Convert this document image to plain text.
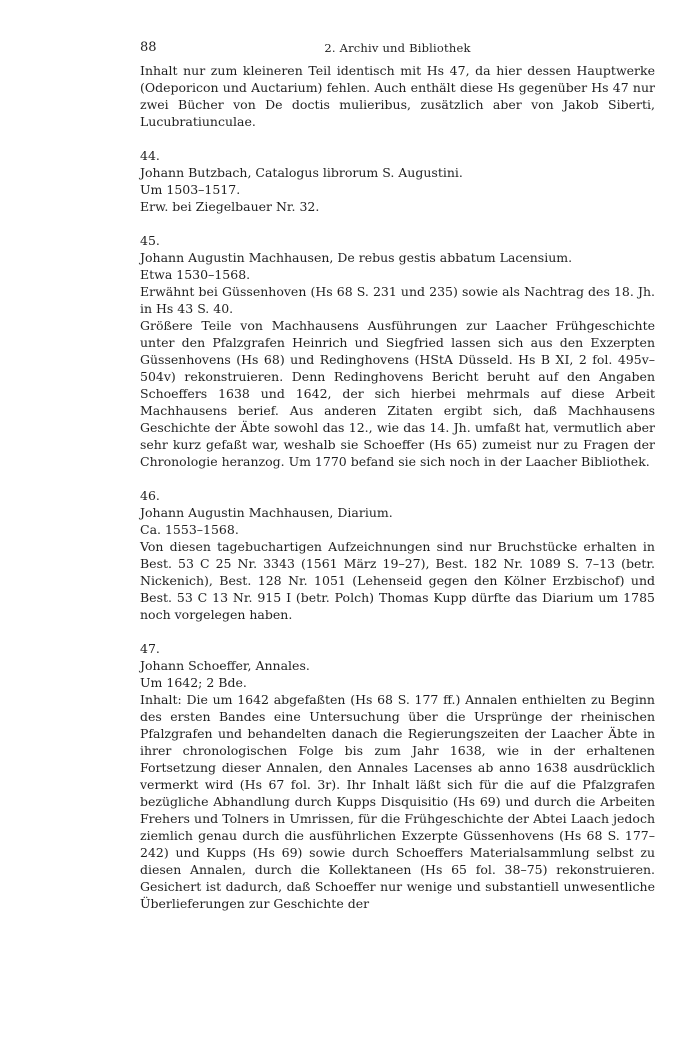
88	2. Archiv und Bibliothek

Inhalt nur zum kleineren Teil identisch mit Hs 47, da hier dessen Hauptwerke (Odeporicon und Auctarium) fehlen. Auch enthält diese Hs gegenüber Hs 47 nur zwei Bücher von De doctis mulieribus, zusätzlich aber von Jakob Siberti, Lucubratiunculae.

44.
Johann Butzbach, Catalogus librorum S. Augustini.
Um 1503–1517.

Erw. bei Ziegelbauer Nr. 32.

45.
Johann Augustin Machhausen, De rebus gestis abbatum Lacensium.
Etwa 1530–1568.

Erwähnt bei Güssenhoven (Hs 68 S. 231 und 235) sowie als Nachtrag des 18. Jh. in Hs 43 S. 40.

Größere Teile von Machhausens Ausführungen zur Laacher Frühgeschichte unter den Pfalzgrafen Heinrich und Siegfried lassen sich aus den Exzerpten Güssenhovens (Hs 68) und Redinghovens (HStA Düsseld. Hs B XI, 2 fol. 495v–504v) rekonstruieren. Denn Redinghovens Bericht beruht auf den Angaben Schoeffers 1638 und 1642, der sich hierbei mehrmals auf diese Arbeit Machhausens berief. Aus anderen Zitaten ergibt sich, daß Machhausens Geschichte der Äbte sowohl das 12., wie das 14. Jh. umfaßt hat, vermutlich aber sehr kurz gefaßt war, weshalb sie Schoeffer (Hs 65) zumeist nur zu Fragen der Chronologie heranzog. Um 1770 befand sie sich noch in der Laacher Bibliothek.

46.
Johann Augustin Machhausen, Diarium.
Ca. 1553–1568.

Von diesen tagebuchartigen Aufzeichnungen sind nur Bruchstücke erhalten in Best. 53 C 25 Nr. 3343 (1561 März 19–27), Best. 182 Nr. 1089 S. 7–13 (betr. Nickenich), Best. 128 Nr. 1051 (Lehenseid gegen den Kölner Erzbischof) und Best. 53 C 13 Nr. 915 I (betr. Polch) Thomas Kupp dürfte das Diarium um 1785 noch vorgelegen haben.

47.
Johann Schoeffer, Annales.
Um 1642; 2 Bde.

Inhalt: Die um 1642 abgefaßten (Hs 68 S. 177 ff.) Annalen enthielten zu Beginn des ersten Bandes eine Untersuchung über die Ursprünge der rheinischen Pfalzgrafen und behandelten danach die Regierungszeiten der Laacher Äbte in ihrer chronologischen Folge bis zum Jahr 1638, wie in der erhaltenen Fortsetzung dieser Annalen, den Annales Lacenses ab anno 1638 ausdrücklich vermerkt wird (Hs 67 fol. 3r). Ihr Inhalt läßt sich für die auf die Pfalzgrafen bezügliche Abhandlung durch Kupps Disquisitio (Hs 69) und durch die Arbeiten Frehers und Tolners in Umrissen, für die Frühgeschichte der Abtei Laach jedoch ziemlich genau durch die ausführlichen Exzerpte Güssenhovens (Hs 68 S. 177–242) und Kupps (Hs 69) sowie durch Schoeffers Materialsammlung selbst zu diesen Annalen, durch die Kollektaneen (Hs 65 fol. 38–75) rekonstruieren. Gesichert ist dadurch, daß Schoeffer nur wenige und substantiell unwesentliche Überlieferungen zur Geschichte der
